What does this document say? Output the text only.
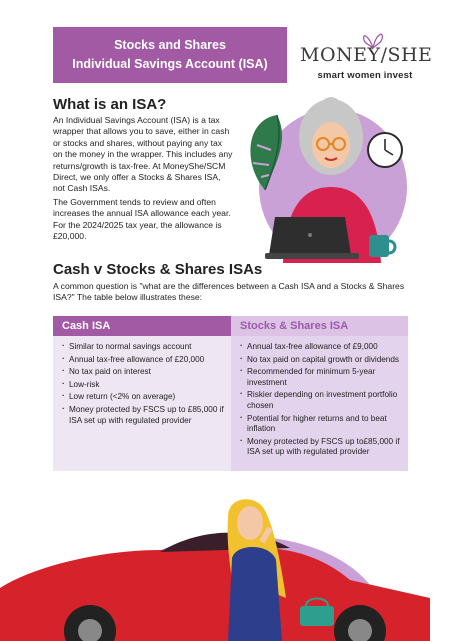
Stocks and Shares
Individual Savings Account (ISA)	MONEY/SHE
smart women invest
What is an ISA?
An Individual Savings Account (ISA) is a tax wrapper that allows you to save, either in cash or stocks and shares, without paying any tax on the money in the wrapper. This includes any returns/growth is tax-free. At MoneyShe/SCM Direct, we only offer a Stocks & Shares ISA, not Cash ISAs.
The Government tends to review and often increases the annual ISA allowance each year. For the 2024/2025 tax year, the allowance is £20,000.
Cash v Stocks & Shares ISAs
A common question is "what are the differences between a Cash ISA and a Stocks & Shares ISA?" The table below illustrates these:
Cash ISA
· Similar to normal savings account
· Annual tax-free allowance of £20,000
· No tax paid on interest
· Low-risk
· Low return (<2% on average)
· Money protected by FSCS up to £85,000 if ISA set up with regulated provider
Stocks & Shares ISA
· Annual tax-free allowance of £9,000
· No tax paid on capital growth or dividends
· Recommended for minimum 5-year investment
· Riskier depending on investment portfolio chosen
· Potential for higher returns and to beat inflation
· Money protected by FSCS up to£85,000 if ISA set up with regulated provider
